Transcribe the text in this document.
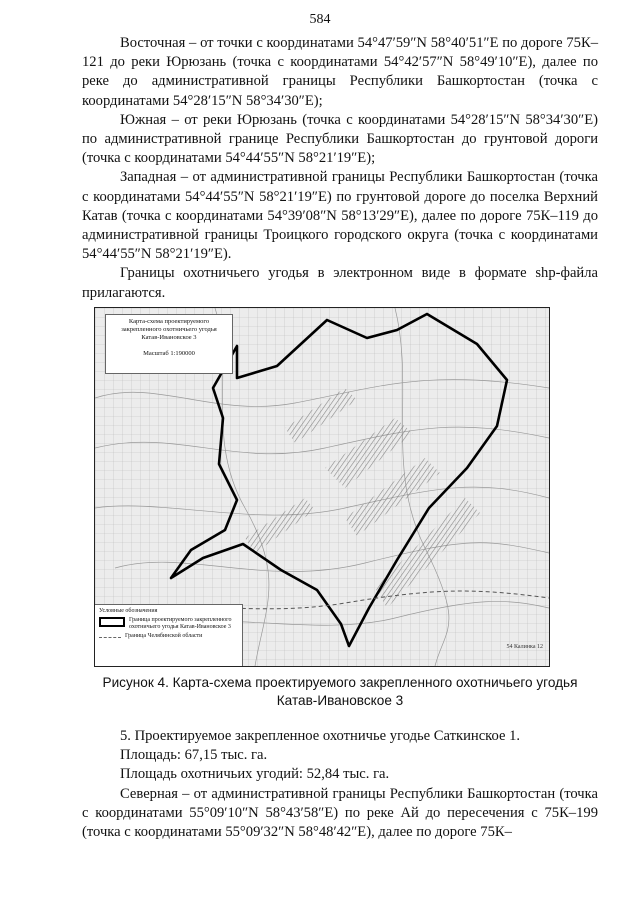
584

Восточная – от точки с координатами 54°47′59″N 58°40′51″E по дороге 75К–121 до реки Юрюзань (точка с координатами 54°42′57″N 58°49′10″E), далее по реке до административной границы Республики Башкортостан (точка с координатами 54°28′15″N 58°34′30″E);

Южная – от реки Юрюзань (точка с координатами 54°28′15″N 58°34′30″E) по административной границе Республики Башкортостан до грунтовой дороги (точка с координатами 54°44′55″N 58°21′19″E);

Западная – от административной границы Республики Башкортостан (точка с координатами 54°44′55″N 58°21′19″E) по грунтовой дороге до поселка Верхний Катав (точка с координатами 54°39′08″N 58°13′29″E), далее по дороге 75К–119 до административной границы Троицкого городского округа (точка с координатами 54°44′55″N 58°21′19″E).

Границы охотничьего угодья в электронном виде в формате shp-файла прилагаются.

Карта-схема проектируемого
закрепленного охотничьего угодья
Катав-Ивановское 3
Масштаб 1:190000
Условные обозначения
Граница проектируемого закрепленного охотничьего угодья Катав-Ивановское 3
Граница Челябинской области
54 Калинка 12
Рисунок 4. Карта-схема проектируемого закрепленного охотничьего угодья
Катав-Ивановское 3

5. Проектируемое закрепленное охотничье угодье Саткинское 1.

Площадь: 67,15 тыс. га.

Площадь охотничьих угодий: 52,84 тыс. га.

Северная – от административной границы Республики Башкортостан (точка с координатами 55°09′10″N 58°43′58″E) по реке Ай до пересечения с 75К–199 (точка с координатами 55°09′32″N 58°48′42″E), далее по дороге 75К–
